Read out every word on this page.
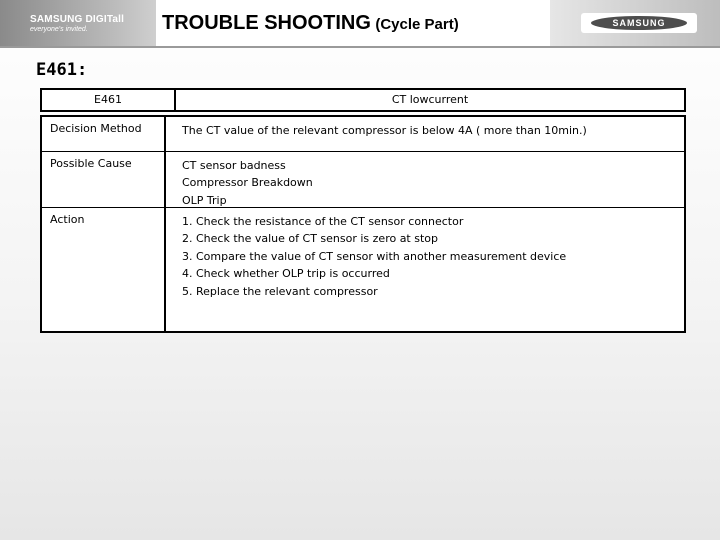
SAMSUNG DIGITall
everyone's invited.
SAMSUNG
TROUBLE SHOOTING (Cycle Part)
E461:
E461	CT lowcurrent
Decision Method	The CT value of the relevant compressor is below 4A ( more than 10min.)
Possible Cause	CT sensor badness
Compressor Breakdown
OLP Trip
Action	1. Check the resistance of the CT sensor connector
2. Check the value of CT sensor is zero at stop
3. Compare the value of CT sensor with another measurement device
4. Check whether OLP trip is occurred
5. Replace the relevant compressor
